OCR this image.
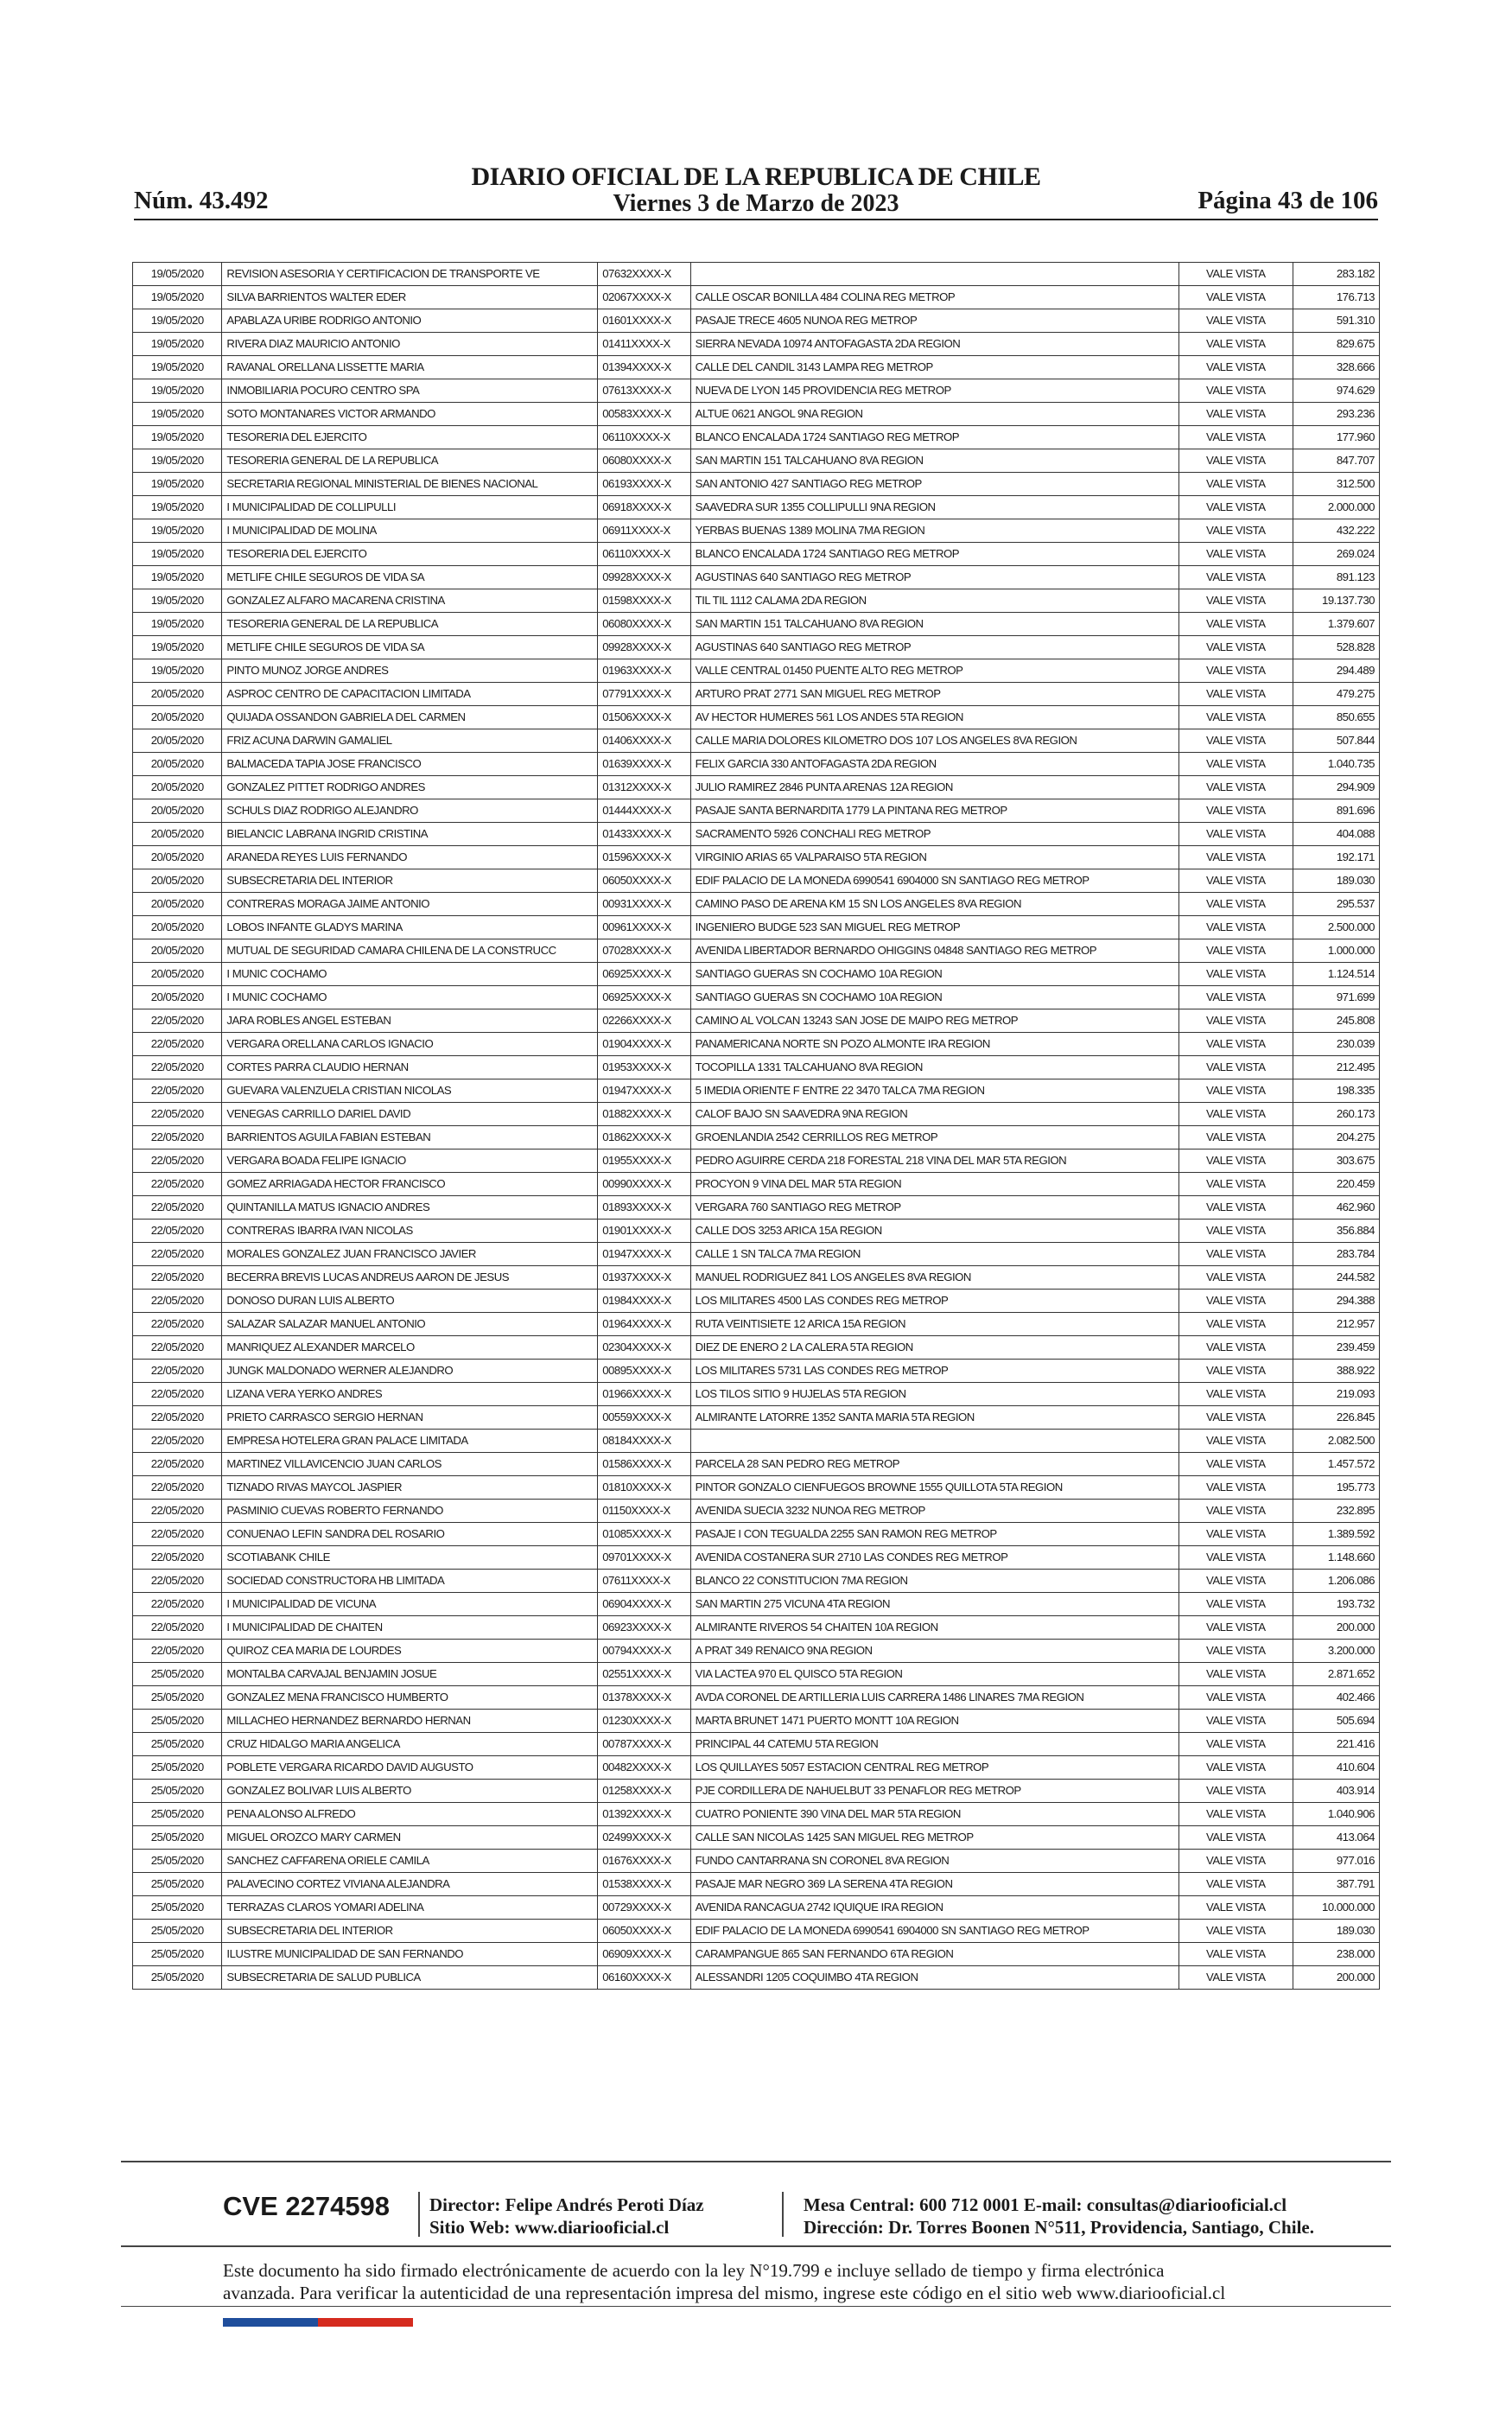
DIARIO OFICIAL DE LA REPUBLICA DE CHILE
Núm. 43.492	Viernes 3 de Marzo de 2023	Página 43 de 106
19/05/2020	REVISION ASESORIA Y CERTIFICACION DE TRANSPORTE VE	07632XXXX-X		VALE VISTA	283.182
19/05/2020	SILVA BARRIENTOS WALTER EDER	02067XXXX-X	CALLE OSCAR BONILLA 484 COLINA REG METROP	VALE VISTA	176.713
19/05/2020	APABLAZA URIBE RODRIGO ANTONIO	01601XXXX-X	PASAJE TRECE 4605 NUNOA REG METROP	VALE VISTA	591.310
19/05/2020	RIVERA DIAZ MAURICIO ANTONIO	01411XXXX-X	SIERRA NEVADA 10974 ANTOFAGASTA 2DA REGION	VALE VISTA	829.675
19/05/2020	RAVANAL ORELLANA LISSETTE MARIA	01394XXXX-X	CALLE DEL CANDIL 3143 LAMPA REG METROP	VALE VISTA	328.666
19/05/2020	INMOBILIARIA POCURO CENTRO SPA	07613XXXX-X	NUEVA DE LYON 145 PROVIDENCIA REG METROP	VALE VISTA	974.629
19/05/2020	SOTO MONTANARES VICTOR ARMANDO	00583XXXX-X	ALTUE 0621 ANGOL 9NA REGION	VALE VISTA	293.236
19/05/2020	TESORERIA DEL EJERCITO	06110XXXX-X	BLANCO ENCALADA 1724 SANTIAGO REG METROP	VALE VISTA	177.960
19/05/2020	TESORERIA GENERAL DE LA REPUBLICA	06080XXXX-X	SAN MARTIN 151 TALCAHUANO 8VA REGION	VALE VISTA	847.707
19/05/2020	SECRETARIA REGIONAL MINISTERIAL DE BIENES NACIONAL	06193XXXX-X	SAN ANTONIO 427 SANTIAGO REG METROP	VALE VISTA	312.500
19/05/2020	I MUNICIPALIDAD DE COLLIPULLI	06918XXXX-X	SAAVEDRA SUR 1355 COLLIPULLI 9NA REGION	VALE VISTA	2.000.000
19/05/2020	I MUNICIPALIDAD DE MOLINA	06911XXXX-X	YERBAS BUENAS 1389 MOLINA 7MA REGION	VALE VISTA	432.222
19/05/2020	TESORERIA DEL EJERCITO	06110XXXX-X	BLANCO ENCALADA 1724 SANTIAGO REG METROP	VALE VISTA	269.024
19/05/2020	METLIFE CHILE SEGUROS DE VIDA SA	09928XXXX-X	AGUSTINAS 640 SANTIAGO REG METROP	VALE VISTA	891.123
19/05/2020	GONZALEZ ALFARO MACARENA CRISTINA	01598XXXX-X	TIL TIL 1112 CALAMA 2DA REGION	VALE VISTA	19.137.730
19/05/2020	TESORERIA GENERAL DE LA REPUBLICA	06080XXXX-X	SAN MARTIN 151 TALCAHUANO 8VA REGION	VALE VISTA	1.379.607
19/05/2020	METLIFE CHILE SEGUROS DE VIDA SA	09928XXXX-X	AGUSTINAS 640 SANTIAGO REG METROP	VALE VISTA	528.828
19/05/2020	PINTO MUNOZ JORGE ANDRES	01963XXXX-X	VALLE CENTRAL 01450 PUENTE ALTO REG METROP	VALE VISTA	294.489
20/05/2020	ASPROC CENTRO DE CAPACITACION LIMITADA	07791XXXX-X	ARTURO PRAT 2771 SAN MIGUEL REG METROP	VALE VISTA	479.275
20/05/2020	QUIJADA OSSANDON GABRIELA DEL CARMEN	01506XXXX-X	AV HECTOR HUMERES 561 LOS ANDES 5TA REGION	VALE VISTA	850.655
20/05/2020	FRIZ ACUNA DARWIN GAMALIEL	01406XXXX-X	CALLE MARIA DOLORES KILOMETRO DOS 107 LOS ANGELES 8VA REGION	VALE VISTA	507.844
20/05/2020	BALMACEDA TAPIA JOSE FRANCISCO	01639XXXX-X	FELIX GARCIA 330 ANTOFAGASTA 2DA REGION	VALE VISTA	1.040.735
20/05/2020	GONZALEZ PITTET RODRIGO ANDRES	01312XXXX-X	JULIO RAMIREZ 2846 PUNTA ARENAS 12A REGION	VALE VISTA	294.909
20/05/2020	SCHULS DIAZ RODRIGO ALEJANDRO	01444XXXX-X	PASAJE SANTA BERNARDITA 1779 LA PINTANA REG METROP	VALE VISTA	891.696
20/05/2020	BIELANCIC LABRANA INGRID CRISTINA	01433XXXX-X	SACRAMENTO 5926 CONCHALI REG METROP	VALE VISTA	404.088
20/05/2020	ARANEDA REYES LUIS FERNANDO	01596XXXX-X	VIRGINIO ARIAS 65 VALPARAISO 5TA REGION	VALE VISTA	192.171
20/05/2020	SUBSECRETARIA DEL INTERIOR	06050XXXX-X	EDIF PALACIO DE LA MONEDA 6990541 6904000 SN SANTIAGO REG METROP	VALE VISTA	189.030
20/05/2020	CONTRERAS MORAGA JAIME ANTONIO	00931XXXX-X	CAMINO PASO DE ARENA KM 15 SN LOS ANGELES 8VA REGION	VALE VISTA	295.537
20/05/2020	LOBOS INFANTE GLADYS MARINA	00961XXXX-X	INGENIERO BUDGE 523 SAN MIGUEL REG METROP	VALE VISTA	2.500.000
20/05/2020	MUTUAL DE SEGURIDAD CAMARA CHILENA DE LA CONSTRUCC	07028XXXX-X	AVENIDA LIBERTADOR BERNARDO OHIGGINS 04848 SANTIAGO REG METROP	VALE VISTA	1.000.000
20/05/2020	I MUNIC COCHAMO	06925XXXX-X	SANTIAGO GUERAS SN COCHAMO 10A REGION	VALE VISTA	1.124.514
20/05/2020	I MUNIC COCHAMO	06925XXXX-X	SANTIAGO GUERAS SN COCHAMO 10A REGION	VALE VISTA	971.699
22/05/2020	JARA ROBLES ANGEL ESTEBAN	02266XXXX-X	CAMINO AL VOLCAN 13243 SAN JOSE DE MAIPO REG METROP	VALE VISTA	245.808
22/05/2020	VERGARA ORELLANA CARLOS IGNACIO	01904XXXX-X	PANAMERICANA NORTE SN POZO ALMONTE IRA REGION	VALE VISTA	230.039
22/05/2020	CORTES PARRA CLAUDIO HERNAN	01953XXXX-X	TOCOPILLA 1331 TALCAHUANO 8VA REGION	VALE VISTA	212.495
22/05/2020	GUEVARA VALENZUELA CRISTIAN NICOLAS	01947XXXX-X	5 IMEDIA ORIENTE F ENTRE 22 3470 TALCA 7MA REGION	VALE VISTA	198.335
22/05/2020	VENEGAS CARRILLO DARIEL DAVID	01882XXXX-X	CALOF BAJO SN SAAVEDRA 9NA REGION	VALE VISTA	260.173
22/05/2020	BARRIENTOS AGUILA FABIAN ESTEBAN	01862XXXX-X	GROENLANDIA 2542 CERRILLOS REG METROP	VALE VISTA	204.275
22/05/2020	VERGARA BOADA FELIPE IGNACIO	01955XXXX-X	PEDRO AGUIRRE CERDA 218 FORESTAL 218 VINA DEL MAR 5TA REGION	VALE VISTA	303.675
22/05/2020	GOMEZ ARRIAGADA HECTOR FRANCISCO	00990XXXX-X	PROCYON 9 VINA DEL MAR 5TA REGION	VALE VISTA	220.459
22/05/2020	QUINTANILLA MATUS IGNACIO ANDRES	01893XXXX-X	VERGARA 760 SANTIAGO REG METROP	VALE VISTA	462.960
22/05/2020	CONTRERAS IBARRA IVAN NICOLAS	01901XXXX-X	CALLE DOS 3253 ARICA 15A REGION	VALE VISTA	356.884
22/05/2020	MORALES GONZALEZ JUAN FRANCISCO JAVIER	01947XXXX-X	CALLE 1 SN TALCA 7MA REGION	VALE VISTA	283.784
22/05/2020	BECERRA BREVIS LUCAS ANDREUS AARON DE JESUS	01937XXXX-X	MANUEL RODRIGUEZ 841 LOS ANGELES 8VA REGION	VALE VISTA	244.582
22/05/2020	DONOSO DURAN LUIS ALBERTO	01984XXXX-X	LOS MILITARES 4500 LAS CONDES REG METROP	VALE VISTA	294.388
22/05/2020	SALAZAR SALAZAR MANUEL ANTONIO	01964XXXX-X	RUTA VEINTISIETE 12 ARICA 15A REGION	VALE VISTA	212.957
22/05/2020	MANRIQUEZ ALEXANDER MARCELO	02304XXXX-X	DIEZ DE ENERO 2 LA CALERA 5TA REGION	VALE VISTA	239.459
22/05/2020	JUNGK MALDONADO WERNER ALEJANDRO	00895XXXX-X	LOS MILITARES 5731 LAS CONDES REG METROP	VALE VISTA	388.922
22/05/2020	LIZANA VERA YERKO ANDRES	01966XXXX-X	LOS TILOS SITIO 9 HUJELAS 5TA REGION	VALE VISTA	219.093
22/05/2020	PRIETO CARRASCO SERGIO HERNAN	00559XXXX-X	ALMIRANTE LATORRE 1352 SANTA MARIA 5TA REGION	VALE VISTA	226.845
22/05/2020	EMPRESA HOTELERA GRAN PALACE LIMITADA	08184XXXX-X		VALE VISTA	2.082.500
22/05/2020	MARTINEZ VILLAVICENCIO JUAN CARLOS	01586XXXX-X	PARCELA 28 SAN PEDRO REG METROP	VALE VISTA	1.457.572
22/05/2020	TIZNADO RIVAS MAYCOL JASPIER	01810XXXX-X	PINTOR GONZALO CIENFUEGOS BROWNE 1555 QUILLOTA 5TA REGION	VALE VISTA	195.773
22/05/2020	PASMINIO CUEVAS ROBERTO FERNANDO	01150XXXX-X	AVENIDA SUECIA 3232 NUNOA REG METROP	VALE VISTA	232.895
22/05/2020	CONUENAO LEFIN SANDRA DEL ROSARIO	01085XXXX-X	PASAJE I CON TEGUALDA 2255 SAN RAMON REG METROP	VALE VISTA	1.389.592
22/05/2020	SCOTIABANK CHILE	09701XXXX-X	AVENIDA COSTANERA SUR 2710 LAS CONDES REG METROP	VALE VISTA	1.148.660
22/05/2020	SOCIEDAD CONSTRUCTORA HB LIMITADA	07611XXXX-X	BLANCO 22 CONSTITUCION 7MA REGION	VALE VISTA	1.206.086
22/05/2020	I MUNICIPALIDAD DE VICUNA	06904XXXX-X	SAN MARTIN 275 VICUNA 4TA REGION	VALE VISTA	193.732
22/05/2020	I MUNICIPALIDAD DE CHAITEN	06923XXXX-X	ALMIRANTE RIVEROS 54 CHAITEN 10A REGION	VALE VISTA	200.000
22/05/2020	QUIROZ CEA MARIA DE LOURDES	00794XXXX-X	A PRAT 349 RENAICO 9NA REGION	VALE VISTA	3.200.000
25/05/2020	MONTALBA CARVAJAL BENJAMIN JOSUE	02551XXXX-X	VIA LACTEA 970 EL QUISCO 5TA REGION	VALE VISTA	2.871.652
25/05/2020	GONZALEZ MENA FRANCISCO HUMBERTO	01378XXXX-X	AVDA CORONEL DE ARTILLERIA LUIS CARRERA 1486 LINARES 7MA REGION	VALE VISTA	402.466
25/05/2020	MILLACHEO HERNANDEZ BERNARDO HERNAN	01230XXXX-X	MARTA BRUNET 1471 PUERTO MONTT 10A REGION	VALE VISTA	505.694
25/05/2020	CRUZ HIDALGO MARIA ANGELICA	00787XXXX-X	PRINCIPAL 44 CATEMU 5TA REGION	VALE VISTA	221.416
25/05/2020	POBLETE VERGARA RICARDO DAVID AUGUSTO	00482XXXX-X	LOS QUILLAYES 5057 ESTACION CENTRAL REG METROP	VALE VISTA	410.604
25/05/2020	GONZALEZ BOLIVAR LUIS ALBERTO	01258XXXX-X	PJE CORDILLERA DE NAHUELBUT 33 PENAFLOR REG METROP	VALE VISTA	403.914
25/05/2020	PENA ALONSO ALFREDO	01392XXXX-X	CUATRO PONIENTE 390 VINA DEL MAR 5TA REGION	VALE VISTA	1.040.906
25/05/2020	MIGUEL OROZCO MARY CARMEN	02499XXXX-X	CALLE SAN NICOLAS 1425 SAN MIGUEL REG METROP	VALE VISTA	413.064
25/05/2020	SANCHEZ CAFFARENA ORIELE CAMILA	01676XXXX-X	FUNDO CANTARRANA SN CORONEL 8VA REGION	VALE VISTA	977.016
25/05/2020	PALAVECINO CORTEZ VIVIANA ALEJANDRA	01538XXXX-X	PASAJE MAR NEGRO 369 LA SERENA 4TA REGION	VALE VISTA	387.791
25/05/2020	TERRAZAS CLAROS YOMARI ADELINA	00729XXXX-X	AVENIDA RANCAGUA 2742 IQUIQUE IRA REGION	VALE VISTA	10.000.000
25/05/2020	SUBSECRETARIA DEL INTERIOR	06050XXXX-X	EDIF PALACIO DE LA MONEDA 6990541 6904000 SN SANTIAGO REG METROP	VALE VISTA	189.030
25/05/2020	ILUSTRE MUNICIPALIDAD DE SAN FERNANDO	06909XXXX-X	CARAMPANGUE 865 SAN FERNANDO 6TA REGION	VALE VISTA	238.000
25/05/2020	SUBSECRETARIA DE SALUD PUBLICA	06160XXXX-X	ALESSANDRI 1205 COQUIMBO 4TA REGION	VALE VISTA	200.000
CVE 2274598 Director: Felipe Andrés Peroti Díaz
Sitio Web: www.diariooficial.cl
Mesa Central: 600 712 0001 E-mail: consultas@diariooficial.cl
Dirección: Dr. Torres Boonen N°511, Providencia, Santiago, Chile.
Este documento ha sido firmado electrónicamente de acuerdo con la ley N°19.799 e incluye sellado de tiempo y firma electrónica
avanzada. Para verificar la autenticidad de una representación impresa del mismo, ingrese este código en el sitio web www.diariooficial.cl
